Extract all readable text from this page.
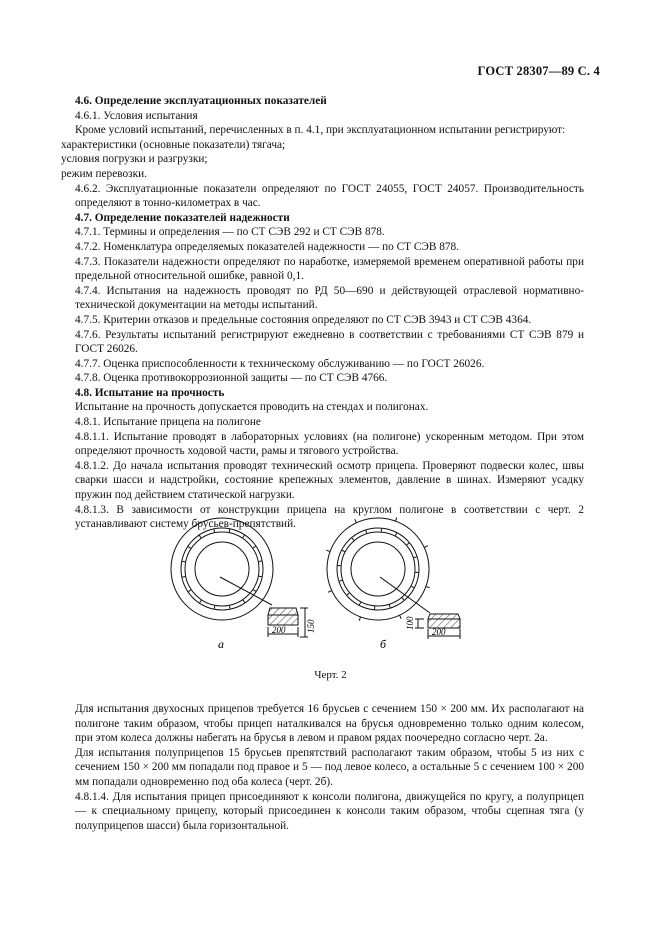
ГОСТ 28307—89 С. 4

4.6. Определение эксплуатационных показателей

4.6.1. Условия испытания

Кроме условий испытаний, перечисленных в п. 4.1, при эксплуатационном испытании регистрируют:

характеристики (основные показатели) тягача;

условия погрузки и разгрузки;

режим перевозки.

4.6.2. Эксплуатационные показатели определяют по ГОСТ 24055, ГОСТ 24057. Производительность определяют в тонно-километрах в час.

4.7. Определение показателей надежности

4.7.1. Термины и определения — по СТ СЭВ 292 и СТ СЭВ 878.

4.7.2. Номенклатура определяемых показателей надежности — по СТ СЭВ 878.

4.7.3. Показатели надежности определяют по наработке, измеряемой временем оперативной работы при предельной относительной ошибке, равной 0,1.

4.7.4. Испытания на надежность проводят по РД 50—690 и действующей отраслевой нормативно-технической документации на методы испытаний.

4.7.5. Критерии отказов и предельные состояния определяют по СТ СЭВ 3943 и СТ СЭВ 4364.

4.7.6. Результаты испытаний регистрируют ежедневно в соответствии с требованиями СТ СЭВ 879 и ГОСТ 26026.

4.7.7. Оценка приспособленности к техническому обслуживанию — по ГОСТ 26026.

4.7.8. Оценка противокоррозионной защиты — по СТ СЭВ 4766.

4.8. Испытание на прочность

Испытание на прочность допускается проводить на стендах и полигонах.

4.8.1. Испытание прицепа на полигоне

4.8.1.1. Испытание проводят в лабораторных условиях (на полигоне) ускоренным методом. При этом определяют прочность ходовой части, рамы и тягового устройства.

4.8.1.2. До начала испытания проводят технический осмотр прицепа. Проверяют подвески колес, швы сварки шасси и надстройки, состояние крепежных элементов, давление в шинах. Измеряют усадку пружин под действием статической нагрузки.

4.8.1.3. В зависимости от конструкции прицепа на круглом полигоне в соответствии с черт. 2 устанавливают систему брусьев-препятствий.

200 150	200
100
а	б
Черт. 2

Для испытания двухосных прицепов требуется 16 брусьев с сечением 150 × 200 мм. Их располагают на полигоне таким образом, чтобы прицеп наталкивался на брусья одновременно только одним колесом, при этом колеса должны набегать на брусья в левом и правом рядах поочередно согласно черт. 2а.

Для испытания полуприцепов 15 брусьев препятствий располагают таким образом, чтобы 5 из них с сечением 150 × 200 мм попадали под правое и 5 — под левое колесо, а остальные 5 с сечением 100 × 200 мм попадали одновременно под оба колеса (черт. 2б).

4.8.1.4. Для испытания прицеп присоединяют к консоли полигона, движущейся по кругу, а полуприцеп — к специальному прицепу, который присоединен к консоли таким образом, чтобы сцепная тяга (у полуприцепов шасси) была горизонтальной.
